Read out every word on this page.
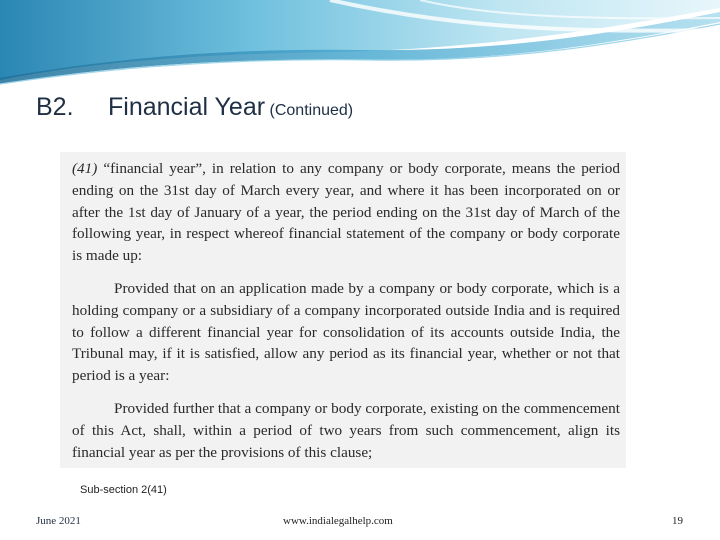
B2. Financial Year (Continued)

(41) “financial year”, in relation to any company or body corporate, means the period ending on the 31st day of March every year, and where it has been incorporated on or after the 1st day of January of a year, the period ending on the 31st day of March of the following year, in respect whereof financial statement of the company or body corporate is made up:

Provided that on an application made by a company or body corporate, which is a holding company or a subsidiary of a company incorporated outside India and is required to follow a different financial year for consolidation of its accounts outside India, the Tribunal may, if it is satisfied, allow any period as its financial year, whether or not that period is a year:

Provided further that a company or body corporate, existing on the commencement of this Act, shall, within a period of two years from such commencement, align its financial year as per the provisions of this clause;

Sub-section 2(41)
June 2021	www.indialegalhelp.com	19
